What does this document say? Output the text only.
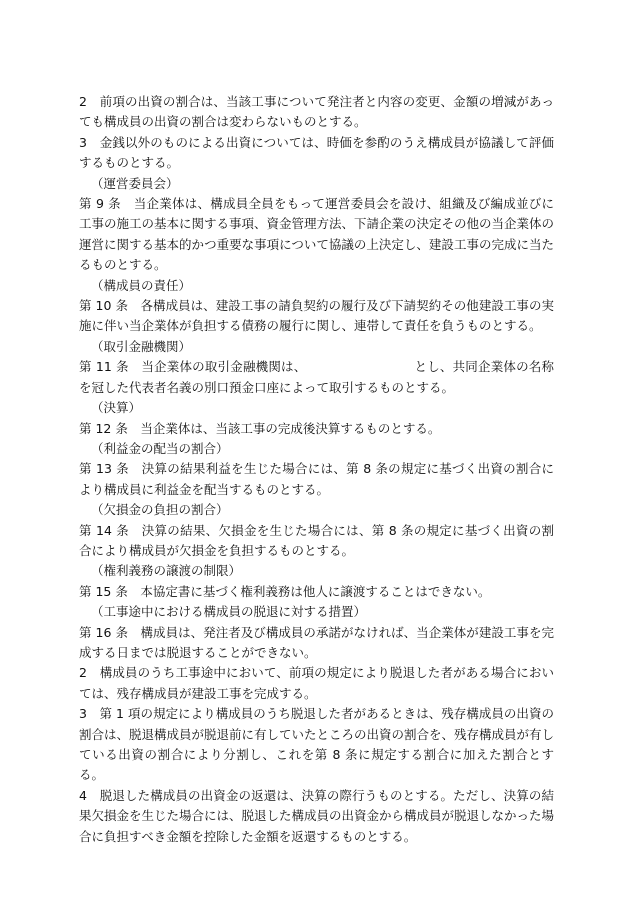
2　前項の出資の割合は、当該工事について発注者と内容の変更、金額の増減があっても構成員の出資の割合は変わらないものとする。

3　金銭以外のものによる出資については、時価を参酌のうえ構成員が協議して評価するものとする。

（運営委員会）

第 9 条　当企業体は、構成員全員をもって運営委員会を設け、組織及び編成並びに工事の施工の基本に関する事項、資金管理方法、下請企業の決定その他の当企業体の運営に関する基本的かつ重要な事項について協議の上決定し、建設工事の完成に当たるものとする。

（構成員の責任）

第 10 条　各構成員は、建設工事の請負契約の履行及び下請契約その他建設工事の実施に伴い当企業体が負担する債務の履行に関し、連帯して責任を負うものとする。

（取引金融機関）

第 11 条　当企業体の取引金融機関は、　　　　　　　　　とし、共同企業体の名称を冠した代表者名義の別口預金口座によって取引するものとする。

（決算）

第 12 条　当企業体は、当該工事の完成後決算するものとする。

（利益金の配当の割合）

第 13 条　決算の結果利益を生じた場合には、第 8 条の規定に基づく出資の割合により構成員に利益金を配当するものとする。

（欠損金の負担の割合）

第 14 条　決算の結果、欠損金を生じた場合には、第 8 条の規定に基づく出資の割合により構成員が欠損金を負担するものとする。

（権利義務の譲渡の制限）

第 15 条　本協定書に基づく権利義務は他人に譲渡することはできない。

（工事途中における構成員の脱退に対する措置）

第 16 条　構成員は、発注者及び構成員の承諾がなければ、当企業体が建設工事を完成する日までは脱退することができない。

2　構成員のうち工事途中において、前項の規定により脱退した者がある場合においては、残存構成員が建設工事を完成する。

3　第 1 項の規定により構成員のうち脱退した者があるときは、残存構成員の出資の割合は、脱退構成員が脱退前に有していたところの出資の割合を、残存構成員が有している出資の割合により分割し、これを第 8 条に規定する割合に加えた割合とする。

4　脱退した構成員の出資金の返還は、決算の際行うものとする。ただし、決算の結果欠損金を生じた場合には、脱退した構成員の出資金から構成員が脱退しなかった場合に負担すべき金額を控除した金額を返還するものとする。
